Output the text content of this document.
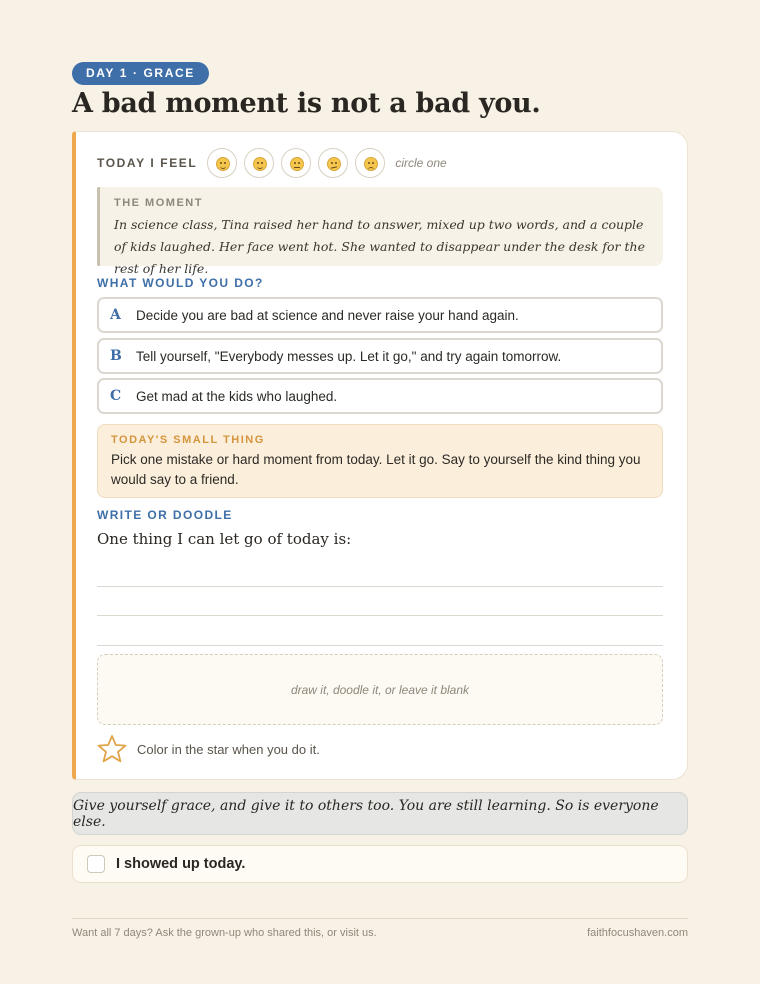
DAY 1 · GRACE
A bad moment is not a bad you.
TODAY I FEEL	circle one
THE MOMENT
In science class, Tina raised her hand to answer, mixed up two words, and a couple of kids laughed. Her face went hot. She wanted to disappear under the desk for the rest of her life.
WHAT WOULD YOU DO?
A	Decide you are bad at science and never raise your hand again.
B	Tell yourself, "Everybody messes up. Let it go," and try again tomorrow.
C	Get mad at the kids who laughed.
TODAY'S SMALL THING
Pick one mistake or hard moment from today. Let it go. Say to yourself the kind thing you would say to a friend.
WRITE OR DOODLE
One thing I can let go of today is:
draw it, doodle it, or leave it blank
Color in the star when you do it.
Give yourself grace, and give it to others too. You are still learning. So is everyone else.
I showed up today.
Want all 7 days? Ask the grown-up who shared this, or visit us.	faithfocushaven.com
